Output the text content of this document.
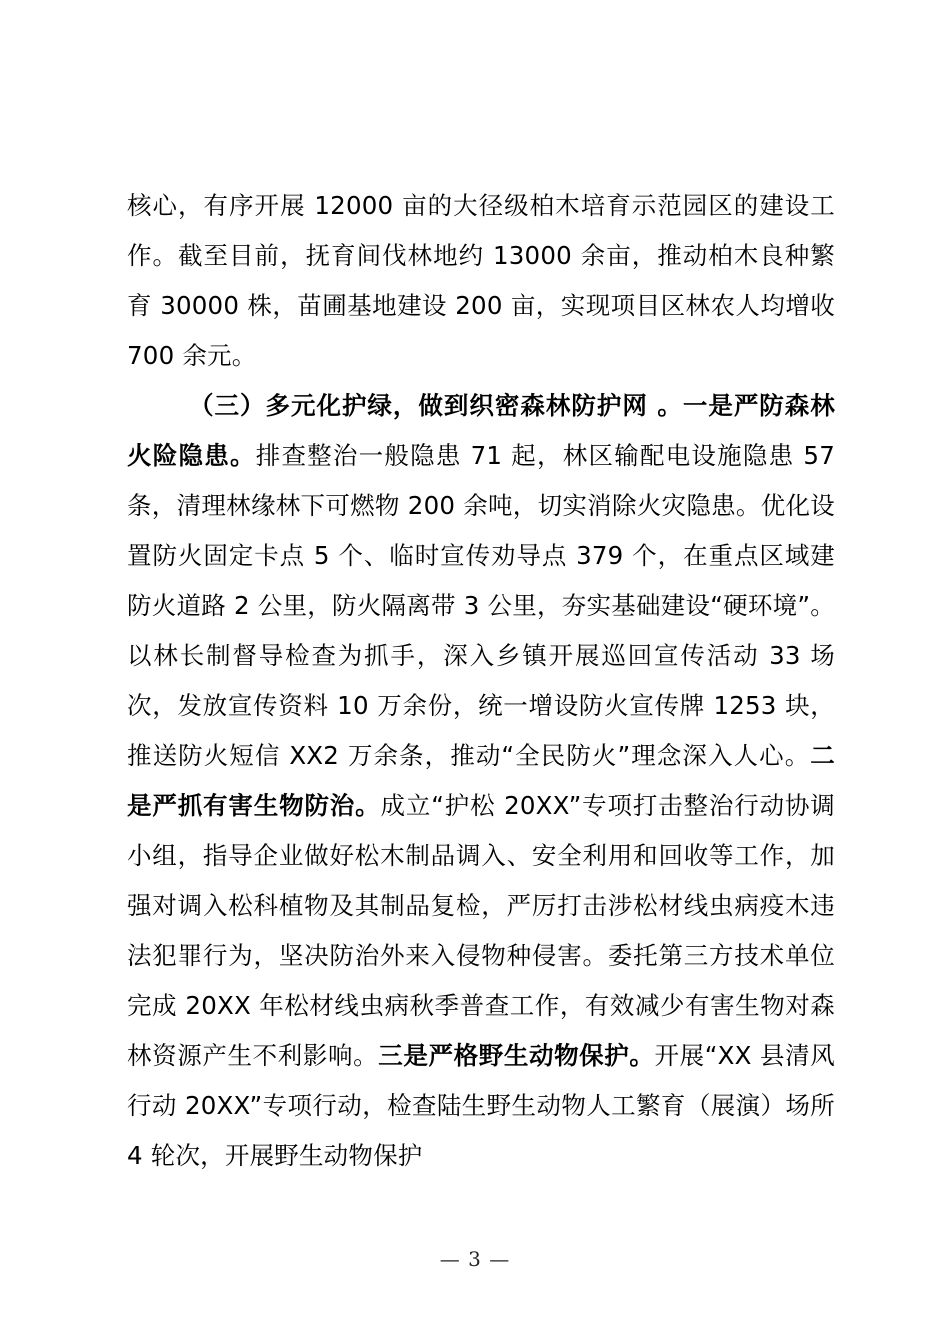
核心，有序开展 12000 亩的大径级柏木培育示范园区的建设工作。截至目前，抚育间伐林地约 13000 余亩，推动柏木良种繁育 30000 株，苗圃基地建设 200 亩，实现项目区林农人均增收 700 余元。

（三）多元化护绿，做到织密森林防护网 。一是严防森林火险隐患。排查整治一般隐患 71 起，林区输配电设施隐患 57 条，清理林缘林下可燃物 200 余吨，切实消除火灾隐患。优化设置防火固定卡点 5 个、临时宣传劝导点 379 个，在重点区域建防火道路 2 公里，防火隔离带 3 公里，夯实基础建设“硬环境”。以林长制督导检查为抓手，深入乡镇开展巡回宣传活动 33 场次，发放宣传资料 10 万余份，统一增设防火宣传牌 1253 块，推送防火短信 XX2 万余条，推动“全民防火”理念深入人心。二是严抓有害生物防治。成立“护松 20XX”专项打击整治行动协调小组，指导企业做好松木制品调入、安全利用和回收等工作，加强对调入松科植物及其制品复检，严厉打击涉松材线虫病疫木违法犯罪行为，坚决防治外来入侵物种侵害。委托第三方技术单位完成 20XX 年松材线虫病秋季普查工作，有效减少有害生物对森林资源产生不利影响。三是严格野生动物保护。开展“XX 县清风行动 20XX”专项行动，检查陆生野生动物人工繁育（展演）场所 4 轮次，开展野生动物保护

— 3 —
